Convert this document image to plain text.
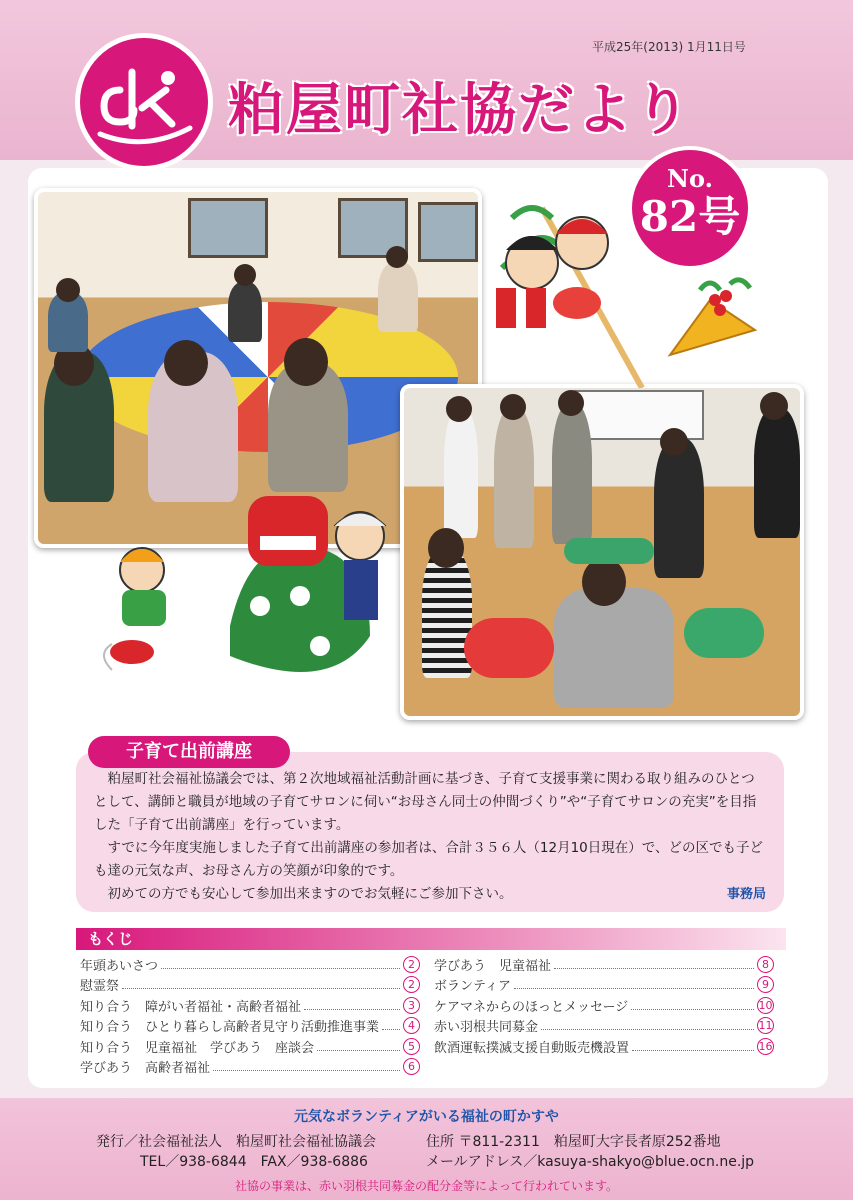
平成25年(2013) 1月11日号
粕屋町社協だより
No.
82号

粕屋町社会福祉協議会では、第２次地域福祉活動計画に基づき、子育て支援事業に関わる取り組みのひとつとして、講師と職員が地域の子育てサロンに伺い“お母さん同士の仲間づくり”や“子育てサロンの充実”を目指した「子育て出前講座」を行っています。

すでに今年度実施しました子育て出前講座の参加者は、合計３５６人（12月10日現在）で、どの区でも子ども達の元気な声、お母さん方の笑顔が印象的です。

初めての方でも安心して参加出来ますのでお気軽にご参加下さい。	事務局
子育て出前講座
もくじ
年頭あいさつ	2
慰霊祭	2
知り合う　障がい者福祉・高齢者福祉	3
知り合う　ひとり暮らし高齢者見守り活動推進事業	4
知り合う　児童福祉　学びあう　座談会	5
学びあう　高齢者福祉	6
学びあう　児童福祉	8
ボランティア	9
ケアマネからのほっとメッセージ	10
赤い羽根共同募金	11
飲酒運転撲滅支援自動販売機設置	16
元気なボランティアがいる福祉の町かすや
発行／社会福祉法人　粕屋町社会福祉協議会
TEL／938-6844　FAX／938-6886
住所 〒811-2311　粕屋町大字長者原252番地
メールアドレス／kasuya-shakyo@blue.ocn.ne.jp
社協の事業は、赤い羽根共同募金の配分金等によって行われています。
